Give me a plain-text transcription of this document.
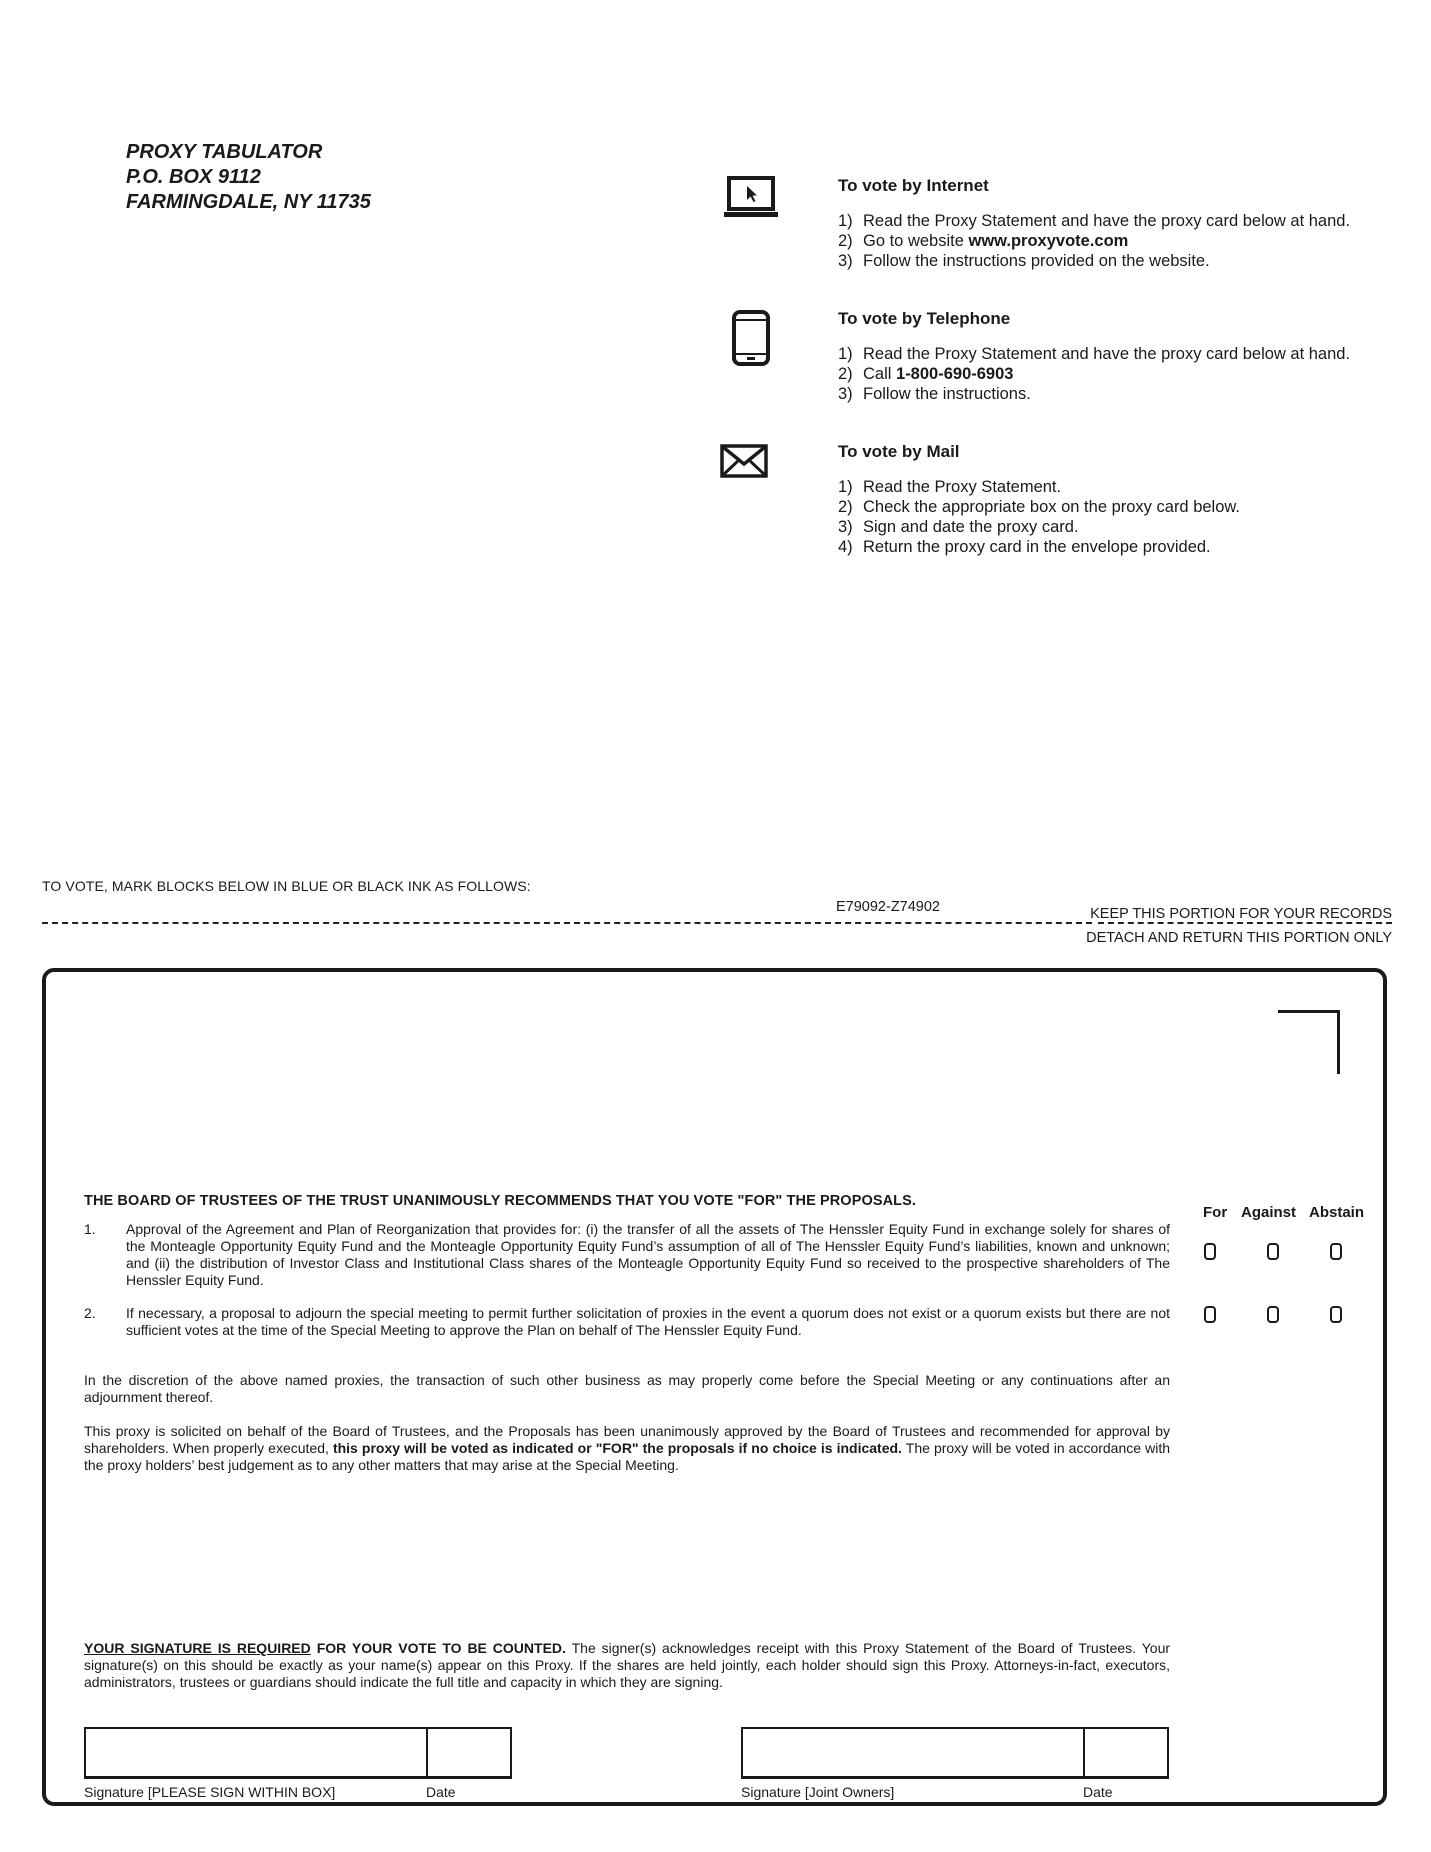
PROXY TABULATOR
P.O. BOX 9112
FARMINGDALE, NY 11735
To vote by Internet
1) Read the Proxy Statement and have the proxy card below at hand.
2) Go to website www.proxyvote.com
3) Follow the instructions provided on the website.
To vote by Telephone
1) Read the Proxy Statement and have the proxy card below at hand.
2) Call 1-800-690-6903
3) Follow the instructions.
To vote by Mail
1) Read the Proxy Statement.
2) Check the appropriate box on the proxy card below.
3) Sign and date the proxy card.
4) Return the proxy card in the envelope provided.
TO VOTE, MARK BLOCKS BELOW IN BLUE OR BLACK INK AS FOLLOWS:
E79092-Z74902	KEEP THIS PORTION FOR YOUR RECORDS
DETACH AND RETURN THIS PORTION ONLY
THE BOARD OF TRUSTEES OF THE TRUST UNANIMOUSLY RECOMMENDS THAT YOU VOTE "FOR" THE PROPOSALS.
For Against Abstain
1. Approval of the Agreement and Plan of Reorganization that provides for: (i) the transfer of all the assets of The Henssler Equity Fund in exchange solely for shares of the Monteagle Opportunity Equity Fund and the Monteagle Opportunity Equity Fund’s assumption of all of The Henssler Equity Fund’s liabilities, known and unknown; and (ii) the distribution of Investor Class and Institutional Class shares of the Monteagle Opportunity Equity Fund so received to the prospective shareholders of The Henssler Equity Fund.
2. If necessary, a proposal to adjourn the special meeting to permit further solicitation of proxies in the event a quorum does not exist or a quorum exists but there are not sufficient votes at the time of the Special Meeting to approve the Plan on behalf of The Henssler Equity Fund.
In the discretion of the above named proxies, the transaction of such other business as may properly come before the Special Meeting or any continuations after an adjournment thereof.
This proxy is solicited on behalf of the Board of Trustees, and the Proposals has been unanimously approved by the Board of Trustees and recommended for approval by shareholders. When properly executed, this proxy will be voted as indicated or "FOR" the proposals if no choice is indicated. The proxy will be voted in accordance with the proxy holders’ best judgement as to any other matters that may arise at the Special Meeting.
YOUR SIGNATURE IS REQUIRED FOR YOUR VOTE TO BE COUNTED. The signer(s) acknowledges receipt with this Proxy Statement of the Board of Trustees. Your signature(s) on this should be exactly as your name(s) appear on this Proxy. If the shares are held jointly, each holder should sign this Proxy. Attorneys-in-fact, executors, administrators, trustees or guardians should indicate the full title and capacity in which they are signing.
Signature [PLEASE SIGN WITHIN BOX]	Date	Signature [Joint Owners]	Date
